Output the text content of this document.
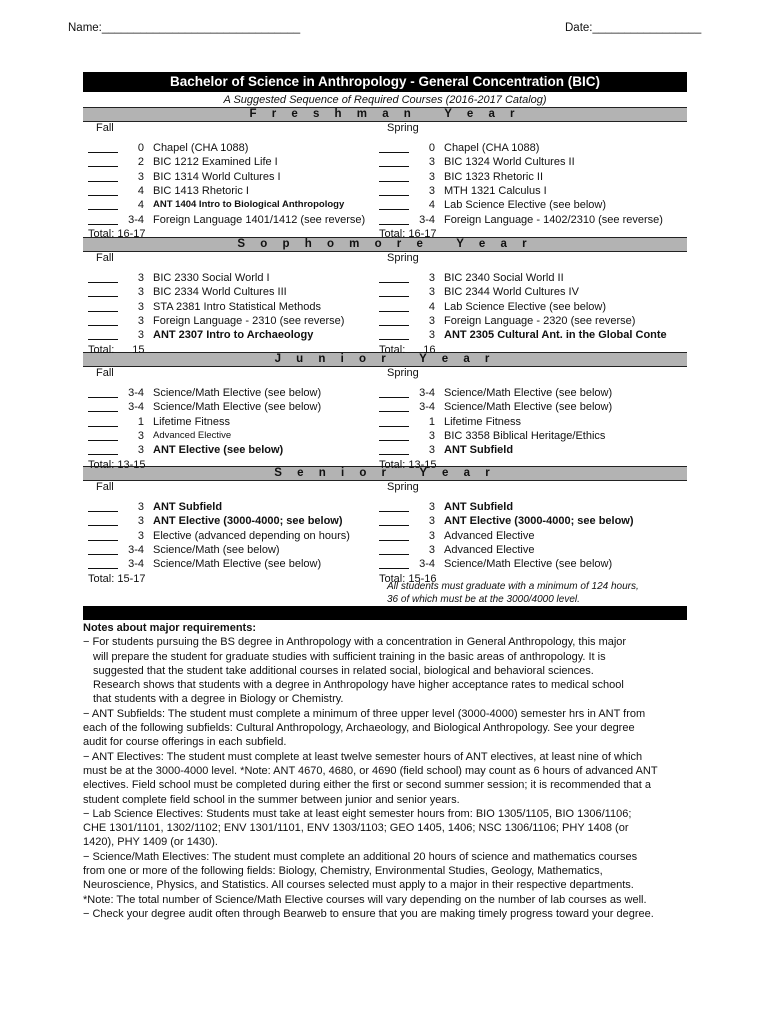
Name:_______________________________	Date:_________________
Bachelor of Science in Anthropology - General Concentration (BIC)
A Suggested Sequence of Required Courses (2016-2017 Catalog)
F r e s h m a n   Y e a r
S o p h o m o r e   Y e a r
J u n i o r   Y e a r
S e n i o r   Y e a r
Fall
0 Chapel (CHA 1088)
2 BIC 1212 Examined Life I
3 BIC 1314 World Cultures I
4 BIC 1413 Rhetoric I
4 ANT 1404 Intro to Biological Anthropology
3-4 Foreign Language 1401/1412 (see reverse)
Total: 16-17
Spring
0 Chapel (CHA 1088)
3 BIC 1324 World Cultures II
3 BIC 1323 Rhetoric II
3 MTH 1321 Calculus I
4 Lab Science Elective (see below)
3-4 Foreign Language - 1402/2310 (see reverse)
Total: 16-17
Fall
3 BIC 2330 Social World I
3 BIC 2334 World Cultures III
3 STA 2381 Intro Statistical Methods
3 Foreign Language - 2310 (see reverse)
3 ANT 2307 Intro to Archaeology
Total: 15
Spring
3 BIC 2340 Social World II
3 BIC 2344 World Cultures IV
4 Lab Science Elective (see below)
3 Foreign Language - 2320 (see reverse)
3 ANT 2305 Cultural Ant. in the Global Conte
Total: 16
Fall
3-4 Science/Math Elective (see below)
3-4 Science/Math Elective (see below)
1 Lifetime Fitness
3 Advanced Elective
3 ANT Elective (see below)
Total: 13-15
Spring
3-4 Science/Math Elective (see below)
3-4 Science/Math Elective (see below)
1 Lifetime Fitness
3 BIC 3358 Biblical Heritage/Ethics
3 ANT Subfield
Total: 13-15
Fall
3 ANT Subfield
3 ANT Elective (3000-4000; see below)
3 Elective (advanced depending on hours)
3-4 Science/Math (see below)
3-4 Science/Math Elective (see below)
Total: 15-17
Spring
3 ANT Subfield
3 ANT Elective (3000-4000; see below)
3 Advanced Elective
3 Advanced Elective
3-4 Science/Math Elective (see below)
Total: 15-16
All students must graduate with a minimum of 124 hours,
36 of which must be at the 3000/4000 level.

Notes about major requirements:

− For students pursuing the BS degree in Anthropology with a concentration in General Anthropology, this major

will prepare the student for graduate studies with sufficient training in the basic areas of anthropology. It is

suggested that the student take additional courses in related social, biological and behavioral sciences.

Research shows that students with a degree in Anthropology have higher acceptance rates to medical school

that students with a degree in Biology or Chemistry.

− ANT Subfields: The student must complete a minimum of three upper level (3000-4000) semester hrs in ANT from

each of the following subfields: Cultural Anthropology, Archaeology, and Biological Anthropology. See your degree

audit for course offerings in each subfield.

− ANT Electives: The student must complete at least twelve semester hours of ANT electives, at least nine of which

must be at the 3000-4000 level. *Note: ANT 4670, 4680, or 4690 (field school) may count as 6 hours of advanced ANT

electives. Field school must be completed during either the first or second summer session; it is recommended that a

student complete field school in the summer between junior and senior years.

− Lab Science Electives: Students must take at least eight semester hours from: BIO 1305/1105, BIO 1306/1106;

CHE 1301/1101, 1302/1102; ENV 1301/1101, ENV 1303/1103; GEO 1405, 1406; NSC 1306/1106; PHY 1408 (or

1420), PHY 1409 (or 1430).

− Science/Math Electives: The student must complete an additional 20 hours of science and mathematics courses

from one or more of the following fields: Biology, Chemistry, Environmental Studies, Geology, Mathematics,

Neuroscience, Physics, and Statistics. All courses selected must apply to a major in their respective departments.

*Note: The total number of Science/Math Elective courses will vary depending on the number of lab courses as well.

− Check your degree audit often through Bearweb to ensure that you are making timely progress toward your degree.
